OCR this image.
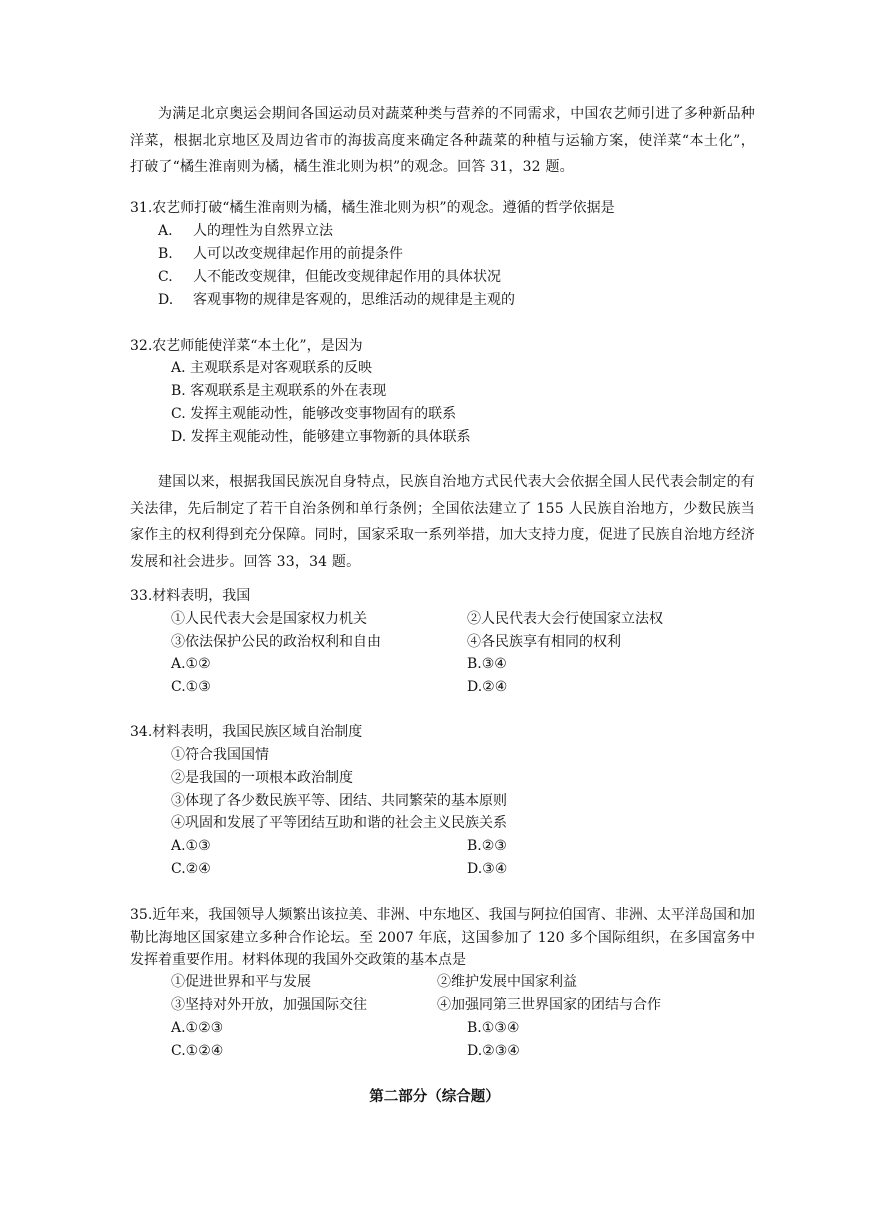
为满足北京奥运会期间各国运动员对蔬菜种类与营养的不同需求，中国农艺师引进了多种新品种洋菜，根据北京地区及周边省市的海拔高度来确定各种蔬菜的种植与运输方案，使洋菜“本土化”，打破了“橘生淮南则为橘，橘生淮北则为枳”的观念。回答 31，32 题。
31.农艺师打破“橘生淮南则为橘，橘生淮北则为枳”的观念。遵循的哲学依据是
A. 人的理性为自然界立法
B. 人可以改变规律起作用的前提条件
C. 人不能改变规律，但能改变规律起作用的具体状况
D. 客观事物的规律是客观的，思维活动的规律是主观的
32.农艺师能使洋菜“本土化”，是因为
A. 主观联系是对客观联系的反映
B. 客观联系是主观联系的外在表现
C. 发挥主观能动性，能够改变事物固有的联系
D. 发挥主观能动性，能够建立事物新的具体联系
建国以来，根据我国民族况自身特点，民族自治地方式民代表大会依据全国人民代表会制定的有关法律，先后制定了若干自治条例和单行条例；全国依法建立了 155 人民族自治地方，少数民族当家作主的权利得到充分保障。同时，国家采取一系列举措，加大支持力度，促进了民族自治地方经济发展和社会进步。回答 33，34 题。
33.材料表明，我国
①人民代表大会是国家权力机关	②人民代表大会行使国家立法权
③依法保护公民的政治权利和自由	④各民族享有相同的权利
A.①②	B.③④
C.①③	D.②④
34.材料表明，我国民族区域自治制度
①符合我国国情
②是我国的一项根本政治制度
③体现了各少数民族平等、团结、共同繁荣的基本原则
④巩固和发展了平等团结互助和谐的社会主义民族关系
A.①③	B.②③
C.②④	D.③④
35.近年来，我国领导人频繁出该拉美、非洲、中东地区、我国与阿拉伯国宵、非洲、太平洋岛国和加勒比海地区国家建立多种合作论坛。至 2007 年底，这国参加了 120 多个国际组织，在多国富务中发挥着重要作用。材料体现的我国外交政策的基本点是
①促进世界和平与发展	②维护发展中国家利益
③坚持对外开放，加强国际交往	④加强同第三世界国家的团结与合作
A.①②③	B.①③④
C.①②④	D.②③④
第二部分（综合题）
